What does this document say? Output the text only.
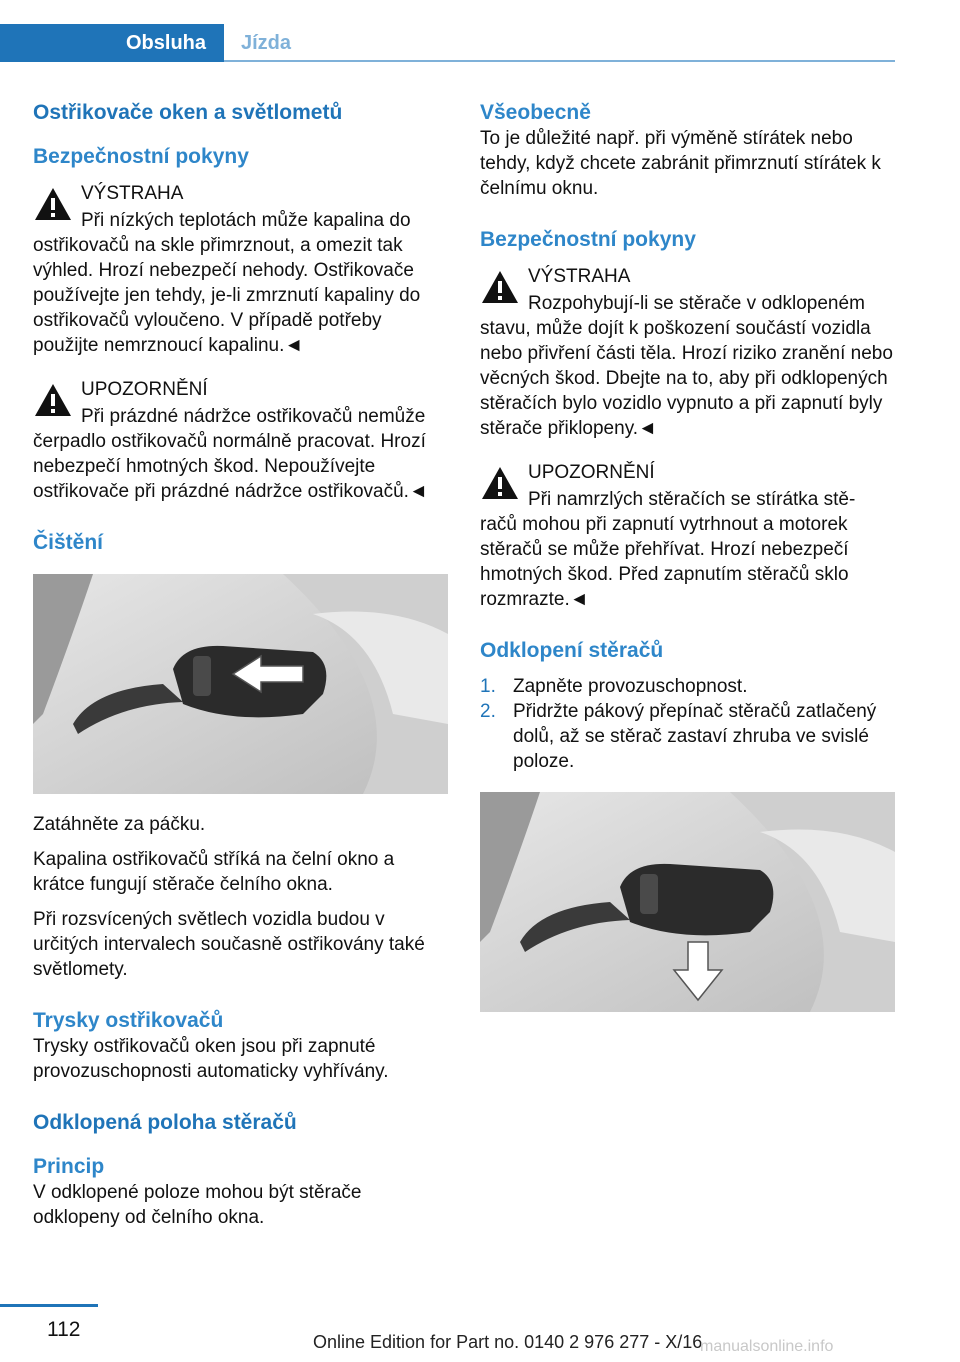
Obsluha	Jízda
Ostřikovače oken a světlometů
Bezpečnostní pokyny
VÝSTRAHA
Při nízkých teplotách může kapalina do
ostřikovačů na skle přimrznout, a omezit tak výhled. Hrozí nebezpečí nehody. Ostřikovače používejte jen tehdy, je-li zmrznutí kapaliny do ostřikovačů vyloučeno. V případě potřeby použijte nemrznoucí kapalinu.◄
UPOZORNĚNÍ
Při prázdné nádržce ostřikovačů nemůže
čerpadlo ostřikovačů normálně pracovat. Hrozí nebezpečí hmotných škod. Nepoužívejte ostřikovače při prázdné nádržce ostřikovačů.◄
Čištění

Zatáhněte za páčku.

Kapalina ostřikovačů stříká na čelní okno a krátce fungují stěrače čelního okna.

Při rozsvícených světlech vozidla budou v určitých intervalech současně ostřikovány také světlomety.

Trysky ostřikovačů

Trysky ostřikovačů oken jsou při zapnuté provozuschopnosti automaticky vyhřívány.

Odklopená poloha stěračů
Princip

V odklopené poloze mohou být stěrače odklopeny od čelního okna.

Všeobecně

To je důležité např. při výměně stírátek nebo tehdy, když chcete zabránit přimrznutí stírátek k čelnímu oknu.

Bezpečnostní pokyny
VÝSTRAHA
Rozpohybují-li se stěrače v odklopeném
stavu, může dojít k poškození součástí vozidla nebo přivření části těla. Hrozí riziko zranění nebo věcných škod. Dbejte na to, aby při odklopených stěračích bylo vozidlo vypnuto a při zapnutí byly stěrače přiklopeny.◄
UPOZORNĚNÍ
Při namrzlých stěračích se stírátka stě-
račů mohou při zapnutí vytrhnout a motorek stěračů se může přehřívat. Hrozí nebezpečí hmotných škod. Před zapnutím stěračů sklo rozmrazte.◄
Odklopení stěračů
1. Zapněte provozuschopnost.
2. Přidržte pákový přepínač stěračů zatlačený dolů, až se stěrač zastaví zhruba ve svislé poloze.
112
Online Edition for Part no. 0140 2 976 277 - X/16
manualsonline.info
